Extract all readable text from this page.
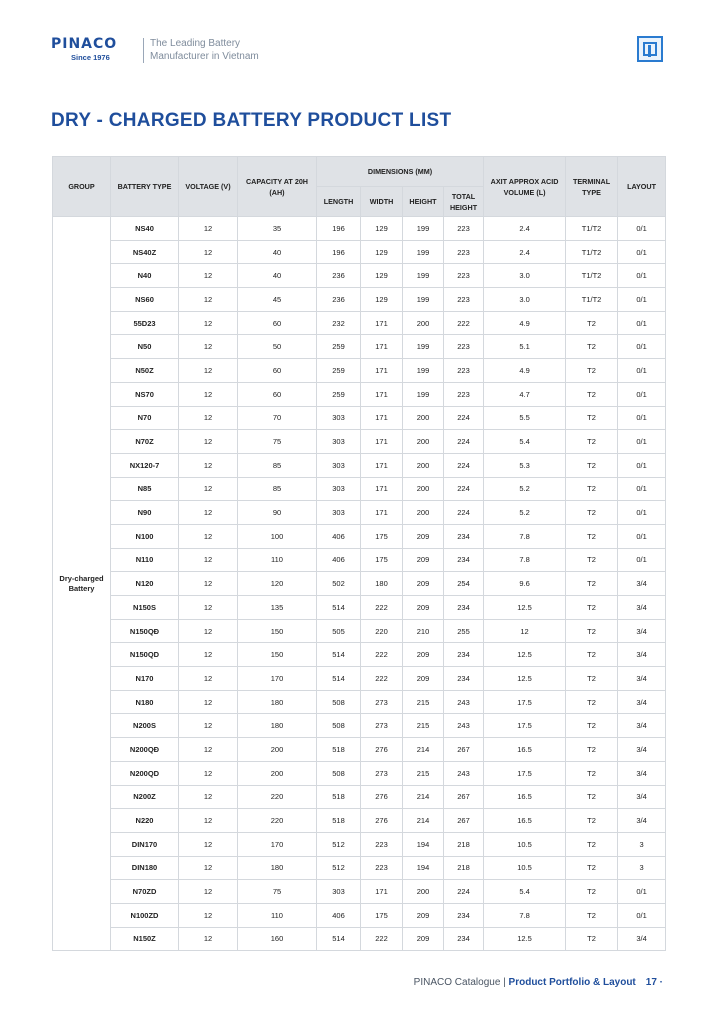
PINACO
Since 1976
The Leading Battery
Manufacturer in Vietnam
DRY - CHARGED BATTERY PRODUCT LIST
GROUP	BATTERY TYPE	VOLTAGE (V)	CAPACITY AT 20H (AH)	DIMENSIONS (MM)				AXIT APPROX ACID VOLUME (L)	TERMINAL TYPE	LAYOUT
				LENGTH	WIDTH	HEIGHT	TOTAL HEIGHT			
Dry-charged Battery	NS40	12	35	196	129	199	223	2.4	T1/T2	0/1
	NS40Z	12	40	196	129	199	223	2.4	T1/T2	0/1
	N40	12	40	236	129	199	223	3.0	T1/T2	0/1
	NS60	12	45	236	129	199	223	3.0	T1/T2	0/1
	55D23	12	60	232	171	200	222	4.9	T2	0/1
	N50	12	50	259	171	199	223	5.1	T2	0/1
	N50Z	12	60	259	171	199	223	4.9	T2	0/1
	NS70	12	60	259	171	199	223	4.7	T2	0/1
	N70	12	70	303	171	200	224	5.5	T2	0/1
	N70Z	12	75	303	171	200	224	5.4	T2	0/1
	NX120-7	12	85	303	171	200	224	5.3	T2	0/1
	N85	12	85	303	171	200	224	5.2	T2	0/1
	N90	12	90	303	171	200	224	5.2	T2	0/1
	N100	12	100	406	175	209	234	7.8	T2	0/1
	N110	12	110	406	175	209	234	7.8	T2	0/1
	N120	12	120	502	180	209	254	9.6	T2	3/4
	N150S	12	135	514	222	209	234	12.5	T2	3/4
	N150QĐ	12	150	505	220	210	255	12	T2	3/4
	N150QD	12	150	514	222	209	234	12.5	T2	3/4
	N170	12	170	514	222	209	234	12.5	T2	3/4
	N180	12	180	508	273	215	243	17.5	T2	3/4
	N200S	12	180	508	273	215	243	17.5	T2	3/4
	N200QĐ	12	200	518	276	214	267	16.5	T2	3/4
	N200QD	12	200	508	273	215	243	17.5	T2	3/4
	N200Z	12	220	518	276	214	267	16.5	T2	3/4
	N220	12	220	518	276	214	267	16.5	T2	3/4
	DIN170	12	170	512	223	194	218	10.5	T2	3
	DIN180	12	180	512	223	194	218	10.5	T2	3
	N70ZD	12	75	303	171	200	224	5.4	T2	0/1
	N100ZD	12	110	406	175	209	234	7.8	T2	0/1
	N150Z	12	160	514	222	209	234	12.5	T2	3/4
PINACO Catalogue | Product Portfolio & Layout 17 ·
